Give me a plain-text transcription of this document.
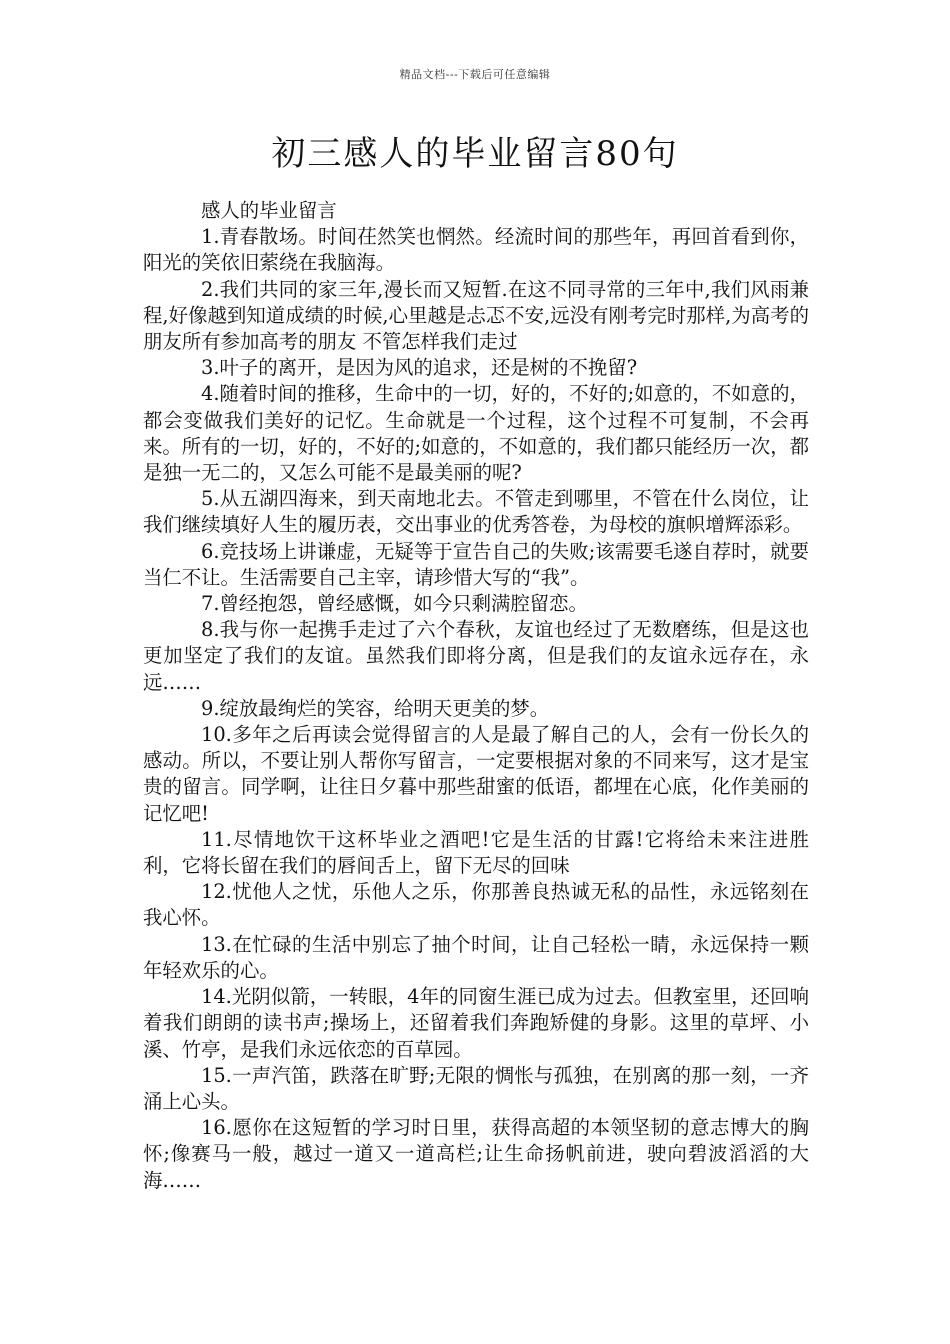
精品文档---下载后可任意编辑
初三感人的毕业留言80句

感人的毕业留言

1.青春散场。时间茌然笑也惘然。经流时间的那些年，再回首看到你，阳光的笑依旧萦绕在我脑海。

2.我们共同的家三年,漫长而又短暂.在这不同寻常的三年中,我们风雨兼程,好像越到知道成绩的时候,心里越是忐忑不安,远没有刚考完时那样,为高考的朋友所有参加高考的朋友 不管怎样我们走过

3.叶子的离开，是因为风的追求，还是树的不挽留?

4.随着时间的推移，生命中的一切，好的，不好的;如意的，不如意的，都会变做我们美好的记忆。生命就是一个过程，这个过程不可复制，不会再来。所有的一切，好的，不好的;如意的，不如意的，我们都只能经历一次，都是独一无二的，又怎么可能不是最美丽的呢?

5.从五湖四海来，到天南地北去。不管走到哪里，不管在什么岗位，让我们继续填好人生的履历表，交出事业的优秀答卷，为母校的旗帜增辉添彩。

6.竞技场上讲谦虚，无疑等于宣告自己的失败;该需要毛遂自荐时，就要当仁不让。生活需要自己主宰，请珍惜大写的“我”。

7.曾经抱怨，曾经感慨，如今只剩满腔留恋。

8.我与你一起携手走过了六个春秋，友谊也经过了无数磨练，但是这也更加坚定了我们的友谊。虽然我们即将分离，但是我们的友谊永远存在，永远……

9.绽放最绚烂的笑容，给明天更美的梦。

10.多年之后再读会觉得留言的人是最了解自己的人，会有一份长久的感动。所以，不要让别人帮你写留言，一定要根据对象的不同来写，这才是宝贵的留言。同学啊，让往日夕暮中那些甜蜜的低语，都埋在心底，化作美丽的记忆吧!

11.尽情地饮干这杯毕业之酒吧!它是生活的甘露!它将给未来注进胜利，它将长留在我们的唇间舌上，留下无尽的回味

12.忧他人之忧，乐他人之乐，你那善良热诚无私的品性，永远铭刻在我心怀。

13.在忙碌的生活中别忘了抽个时间，让自己轻松一睛，永远保持一颗年轻欢乐的心。

14.光阴似箭，一转眼，4年的同窗生涯已成为过去。但教室里，还回响着我们朗朗的读书声;操场上，还留着我们奔跑矫健的身影。这里的草坪、小溪、竹亭，是我们永远依恋的百草园。

15.一声汽笛，跌落在旷野;无限的惆怅与孤独，在别离的那一刻，一齐涌上心头。

16.愿你在这短暂的学习时日里，获得高超的本领坚韧的意志博大的胸怀;像赛马一般，越过一道又一道高栏;让生命扬帆前进，驶向碧波滔滔的大海……
